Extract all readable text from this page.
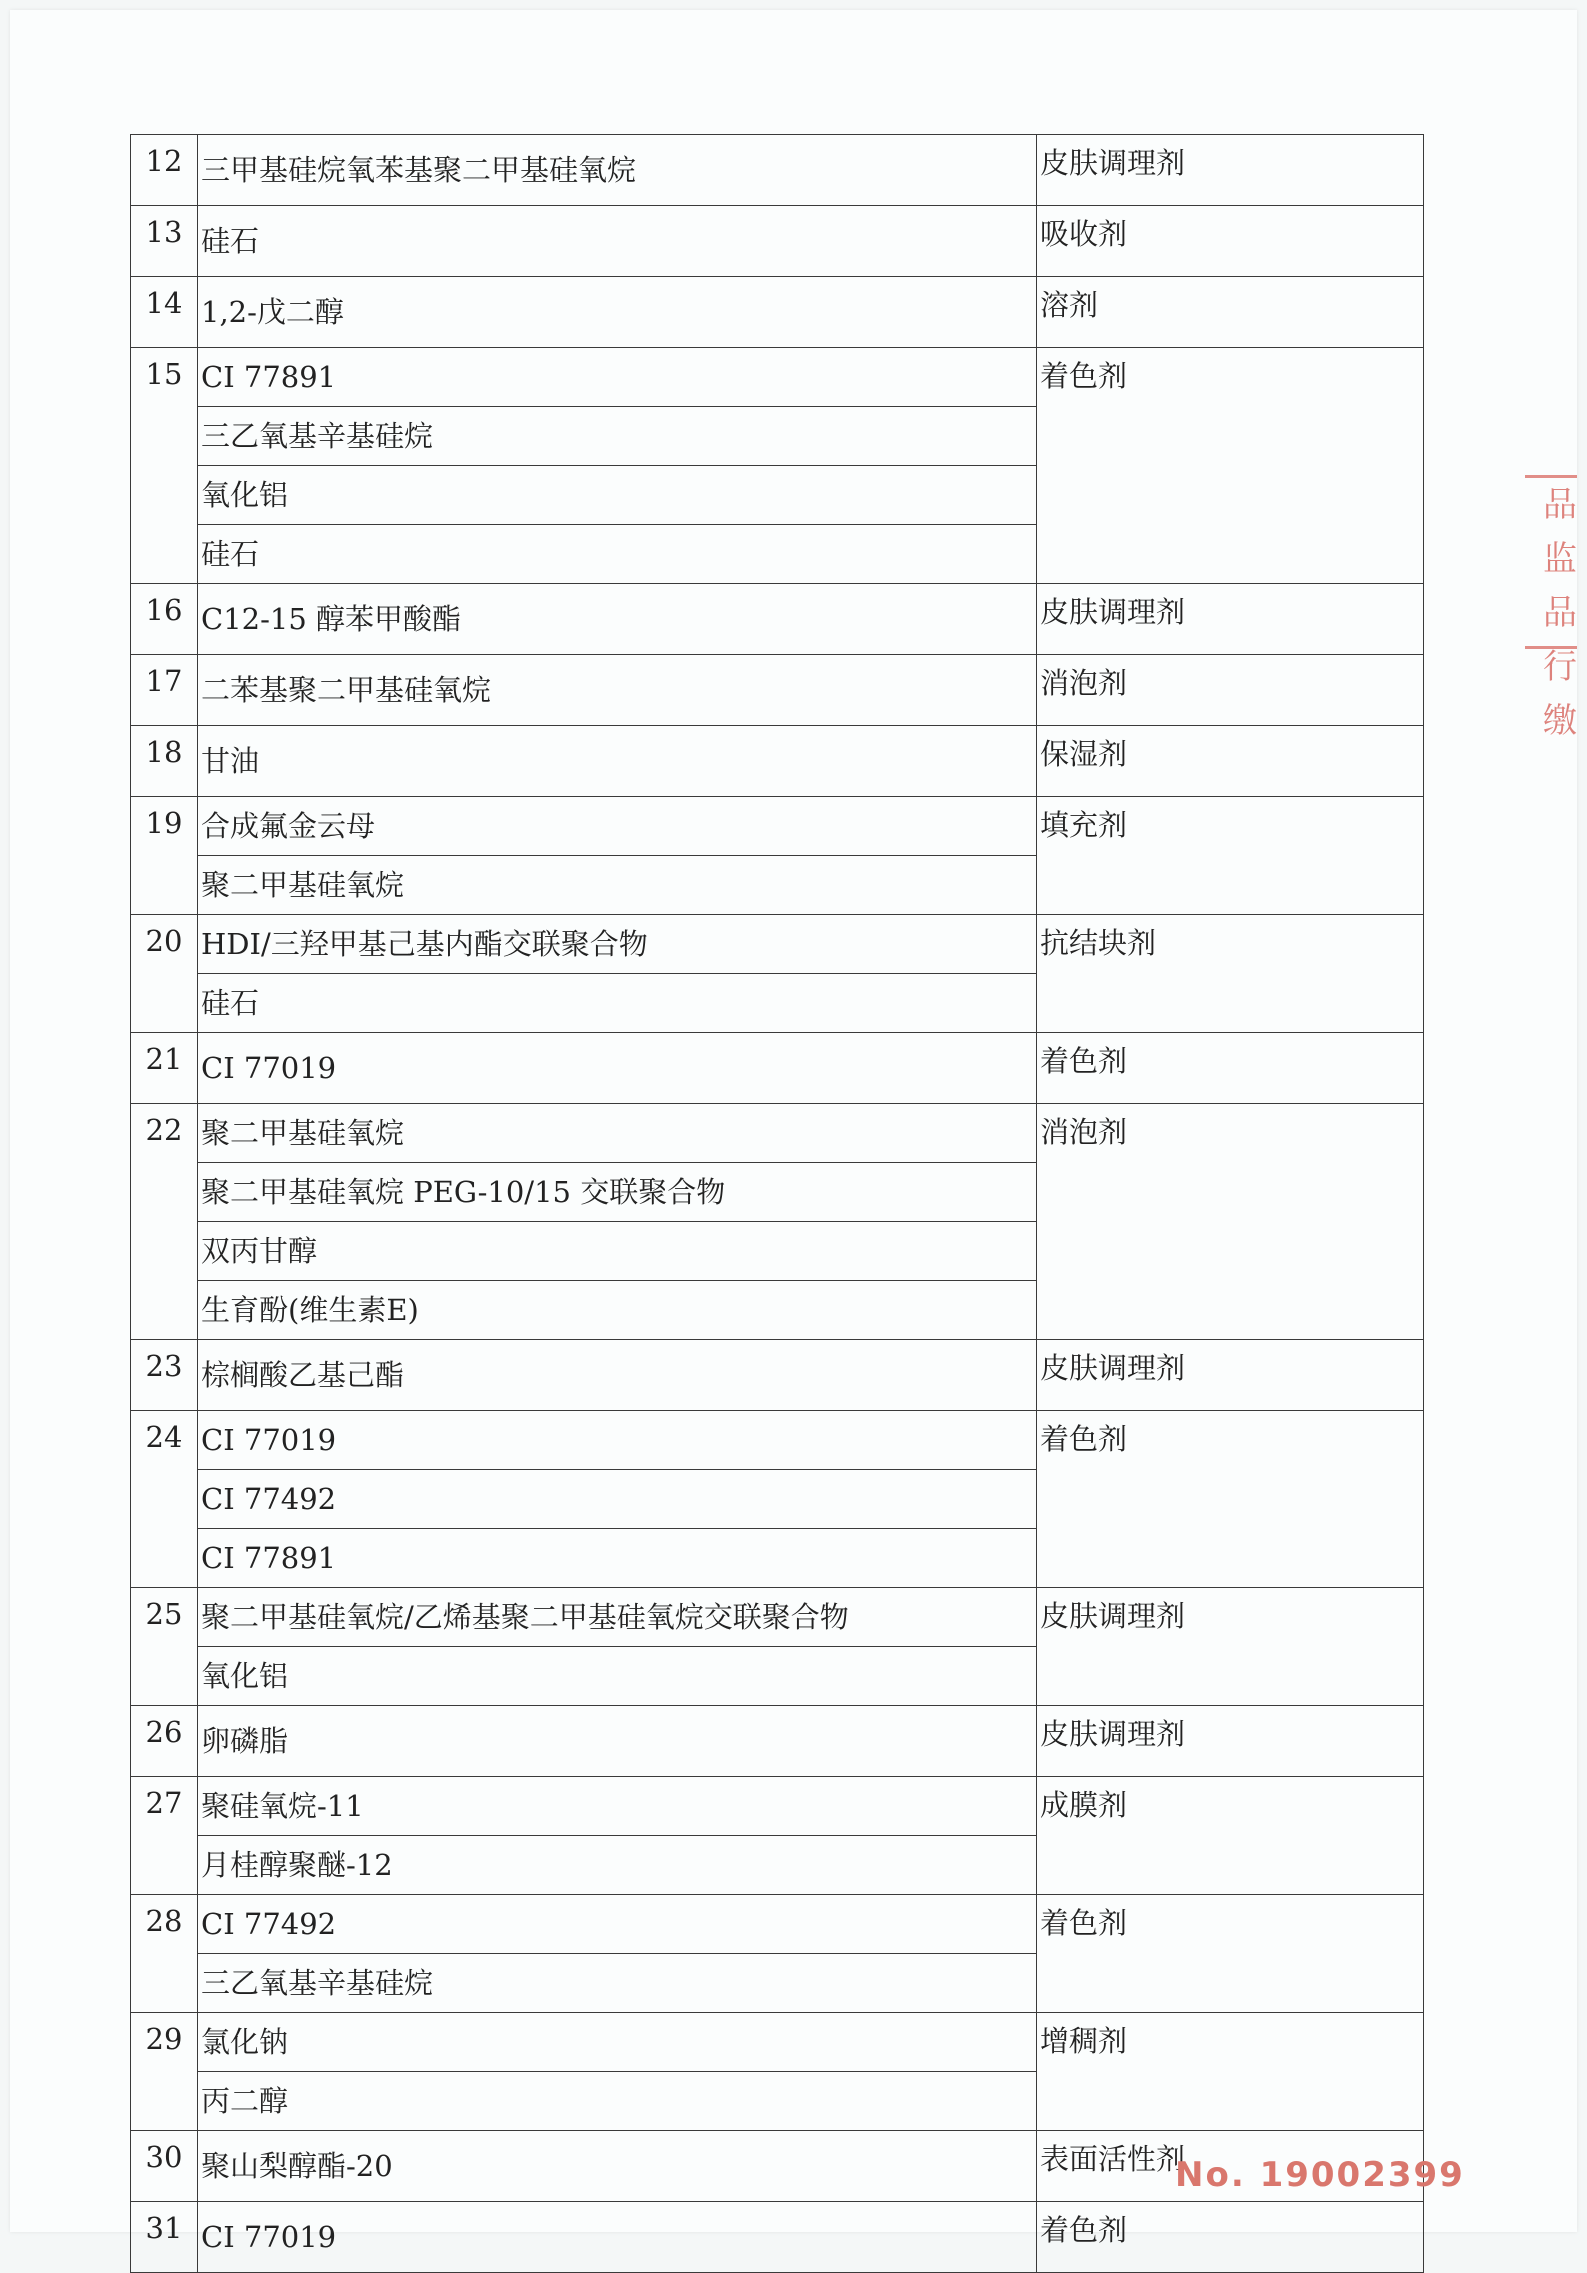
12	三甲基硅烷氧苯基聚二甲基硅氧烷	皮肤调理剂
13	硅石	吸收剂
14	1,2-戊二醇	溶剂
15	CI 77891	着色剂
	三乙氧基辛基硅烷	
	氧化铝	
	硅石	
16	C12-15 醇苯甲酸酯	皮肤调理剂
17	二苯基聚二甲基硅氧烷	消泡剂
18	甘油	保湿剂
19	合成氟金云母	填充剂
	聚二甲基硅氧烷	
20	HDI/三羟甲基己基内酯交联聚合物	抗结块剂
	硅石	
21	CI 77019	着色剂
22	聚二甲基硅氧烷	消泡剂
	聚二甲基硅氧烷 PEG-10/15 交联聚合物	
	双丙甘醇	
	生育酚(维生素E)	
23	棕榈酸乙基己酯	皮肤调理剂
24	CI 77019	着色剂
	CI 77492	
	CI 77891	
25	聚二甲基硅氧烷/乙烯基聚二甲基硅氧烷交联聚合物	皮肤调理剂
	氧化铝	
26	卵磷脂	皮肤调理剂
27	聚硅氧烷-11	成膜剂
	月桂醇聚醚-12	
28	CI 77492	着色剂
	三乙氧基辛基硅烷	
29	氯化钠	增稠剂
	丙二醇	
30	聚山梨醇酯-20	表面活性剂
31	CI 77019	着色剂
品监
品行
缴
No. 19002399
